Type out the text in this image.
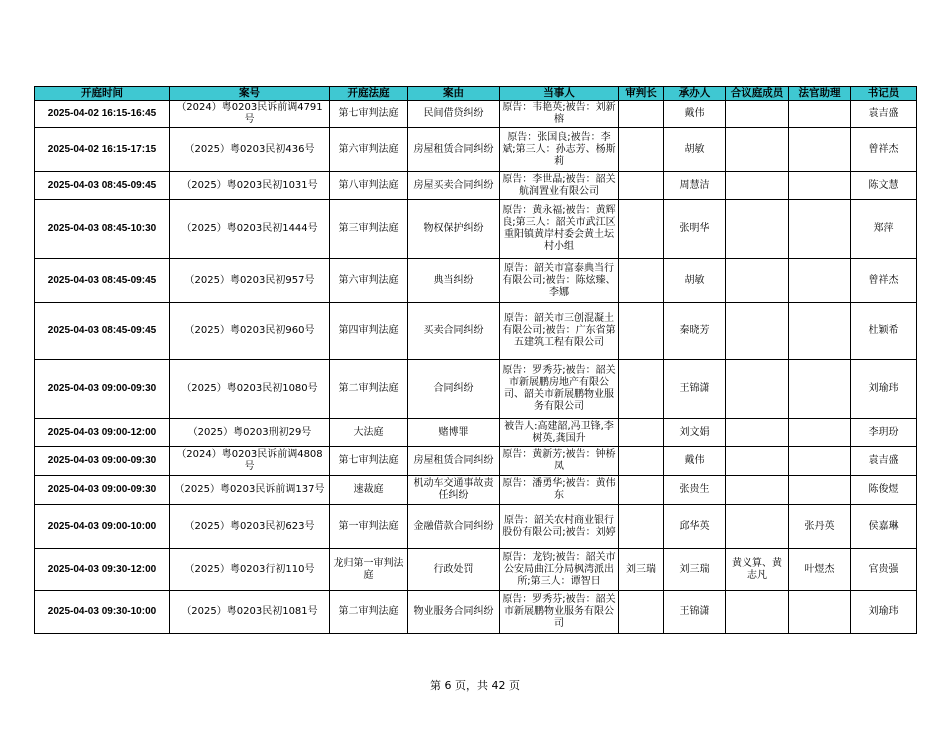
开庭时间	案号	开庭法庭	案由	当事人	审判长	承办人	合议庭成员	法官助理	书记员
2025-04-02 16:15-16:45	（2024）粤0203民诉前调4791号	第七审判法庭	民间借贷纠纷	原告：韦艳英;被告：刘新榕		戴伟			袁吉盛
2025-04-02 16:15-17:15	（2025）粤0203民初436号	第六审判法庭	房屋租赁合同纠纷	原告：张国良;被告：李斌;第三人：孙志芳、杨斯莉		胡敏			曾祥杰
2025-04-03 08:45-09:45	（2025）粤0203民初1031号	第八审判法庭	房屋买卖合同纠纷	原告：李世晶;被告：韶关航润置业有限公司		周慧洁			陈文慧
2025-04-03 08:45-10:30	（2025）粤0203民初1444号	第三审判法庭	物权保护纠纷	原告：黄永福;被告：黄辉良;第三人：韶关市武江区重阳镇黄岸村委会黄土坛村小组		张明华			郑萍
2025-04-03 08:45-09:45	（2025）粤0203民初957号	第六审判法庭	典当纠纷	原告：韶关市富泰典当行有限公司;被告：陈炫臻、李娜		胡敏			曾祥杰
2025-04-03 08:45-09:45	（2025）粤0203民初960号	第四审判法庭	买卖合同纠纷	原告：韶关市三创混凝土有限公司;被告：广东省第五建筑工程有限公司		秦晓芳			杜颖希
2025-04-03 09:00-09:30	（2025）粤0203民初1080号	第二审判法庭	合同纠纷	原告：罗秀芬;被告：韶关市新展鹏房地产有限公司、韶关市新展鹏物业服务有限公司		王锦潇			刘瑜玮
2025-04-03 09:00-12:00	（2025）粤0203刑初29号	大法庭	赌博罪	被告人:高建韶,冯卫锋,李树英,龚国升		刘文娟			李玥玢
2025-04-03 09:00-09:30	（2024）粤0203民诉前调4808号	第七审判法庭	房屋租赁合同纠纷	原告：黄新芳;被告：钟桥凤		戴伟			袁吉盛
2025-04-03 09:00-09:30	（2025）粤0203民诉前调137号	速裁庭	机动车交通事故责任纠纷	原告：潘勇华;被告：黄伟东		张贵生			陈俊煜
2025-04-03 09:00-10:00	（2025）粤0203民初623号	第一审判法庭	金融借款合同纠纷	原告：韶关农村商业银行股份有限公司;被告：刘婷		邱华英		张丹英	侯嘉琳
2025-04-03 09:30-12:00	（2025）粤0203行初110号	龙归第一审判法庭	行政处罚	原告：龙钧;被告：韶关市公安局曲江分局枫湾派出所;第三人：谭智日	刘三瑞	刘三瑞	黄义算、黄志凡	叶煜杰	官贵强
2025-04-03 09:30-10:00	（2025）粤0203民初1081号	第二审判法庭	物业服务合同纠纷	原告：罗秀芬;被告：韶关市新展鹏物业服务有限公司		王锦潇			刘瑜玮
第 6 页，共 42 页
